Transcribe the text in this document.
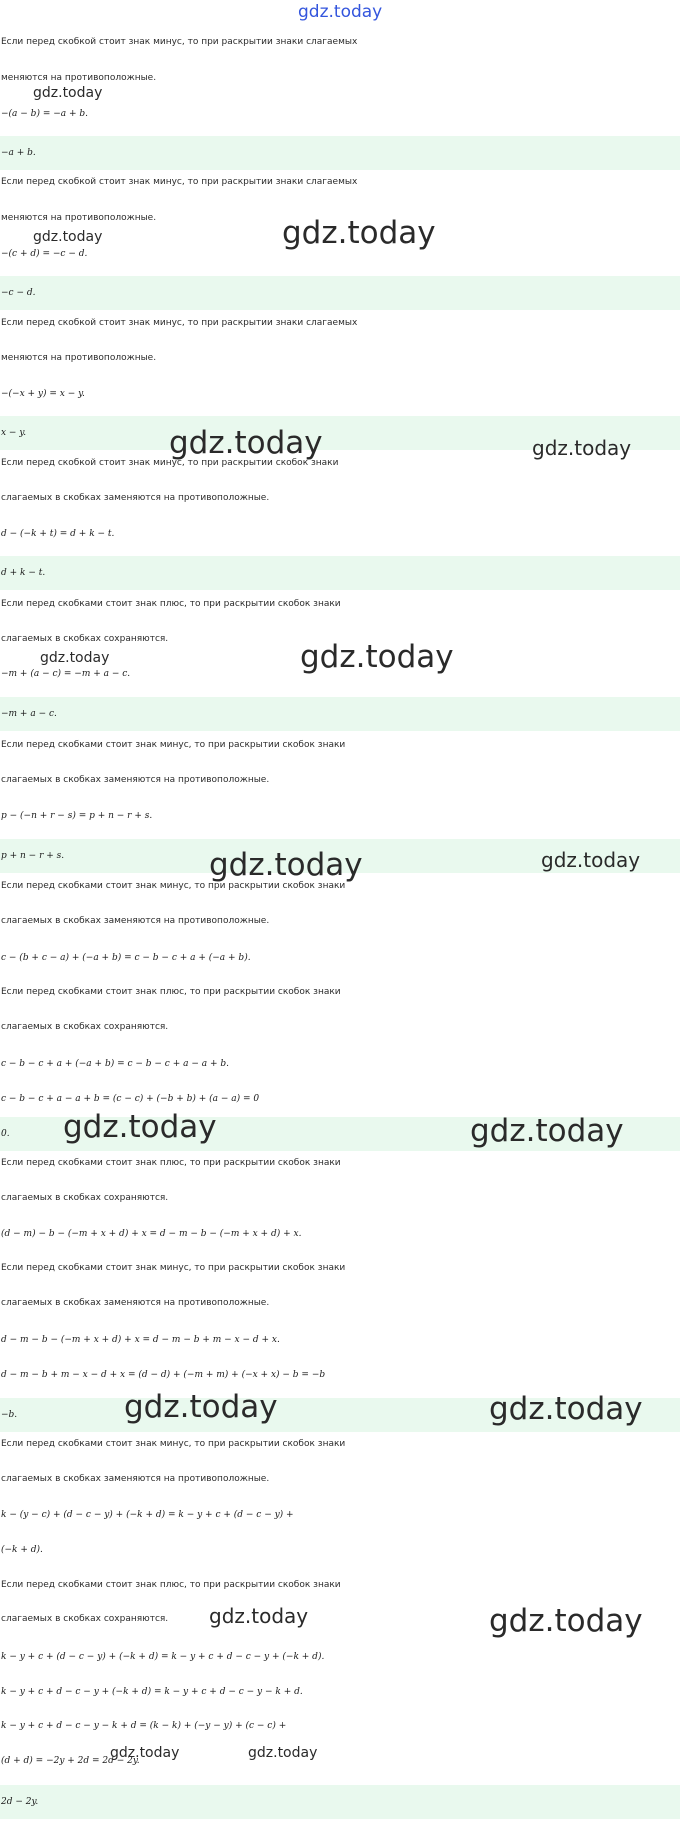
gdz.today
Если перед скобкой стоит знак минус, то при раскрытии знаки слагаемых
меняются на противоположные.
−(a − b) = −a + b.
−a + b.
Если перед скобкой стоит знак минус, то при раскрытии знаки слагаемых
меняются на противоположные.
−(c + d) = −c − d.
−c − d.
Если перед скобкой стоит знак минус, то при раскрытии знаки слагаемых
меняются на противоположные.
−(−x + y) = x − y.
x − y.
Если перед скобкой стоит знак минус, то при раскрытии скобок знаки
слагаемых в скобках заменяются на противоположные.
d − (−k + t) = d + k − t.
d + k − t.
Если перед скобками стоит знак плюс, то при раскрытии скобок знаки
слагаемых в скобках сохраняются.
−m + (a − c) = −m + a − c.
−m + a − c.
Если перед скобками стоит знак минус, то при раскрытии скобок знаки
слагаемых в скобках заменяются на противоположные.
p − (−n + r − s) = p + n − r + s.
p + n − r + s.
Если перед скобками стоит знак минус, то при раскрытии скобок знаки
слагаемых в скобках заменяются на противоположные.
c − (b + c − a) + (−a + b) = c − b − c + a + (−a + b).
Если перед скобками стоит знак плюс, то при раскрытии скобок знаки
слагаемых в скобках сохраняются.
c − b − c + a + (−a + b) = c − b − c + a − a + b.
c − b − c + a − a + b = (c − c) + (−b + b) + (a − a) = 0
0.
Если перед скобками стоит знак плюс, то при раскрытии скобок знаки
слагаемых в скобках сохраняются.
(d − m) − b − (−m + x + d) + x = d − m − b − (−m + x + d) + x.
Если перед скобками стоит знак минус, то при раскрытии скобок знаки
слагаемых в скобках заменяются на противоположные.
d − m − b − (−m + x + d) + x = d − m − b + m − x − d + x.
d − m − b + m − x − d + x = (d − d) + (−m + m) + (−x + x) − b = −b
−b.
Если перед скобками стоит знак минус, то при раскрытии скобок знаки
слагаемых в скобках заменяются на противоположные.
k − (y − c) + (d − c − y) + (−k + d) = k − y + c + (d − c − y) +
(−k + d).
Если перед скобками стоит знак плюс, то при раскрытии скобок знаки
слагаемых в скобках сохраняются.
k − y + c + (d − c − y) + (−k + d) = k − y + c + d − c − y + (−k + d).
k − y + c + d − c − y + (−k + d) = k − y + c + d − c − y − k + d.
k − y + c + d − c − y − k + d = (k − k) + (−y − y) + (c − c) +
(d + d) = −2y + 2d = 2d − 2y.
2d − 2y.
gdz.today
gdz.today	gdz.today
gdz.today	gdz.today
gdz.today	gdz.today
gdz.today	gdz.today
gdz.today	gdz.today
gdz.today	gdz.today
gdz.today	gdz.today
gdz.today	gdz.today
